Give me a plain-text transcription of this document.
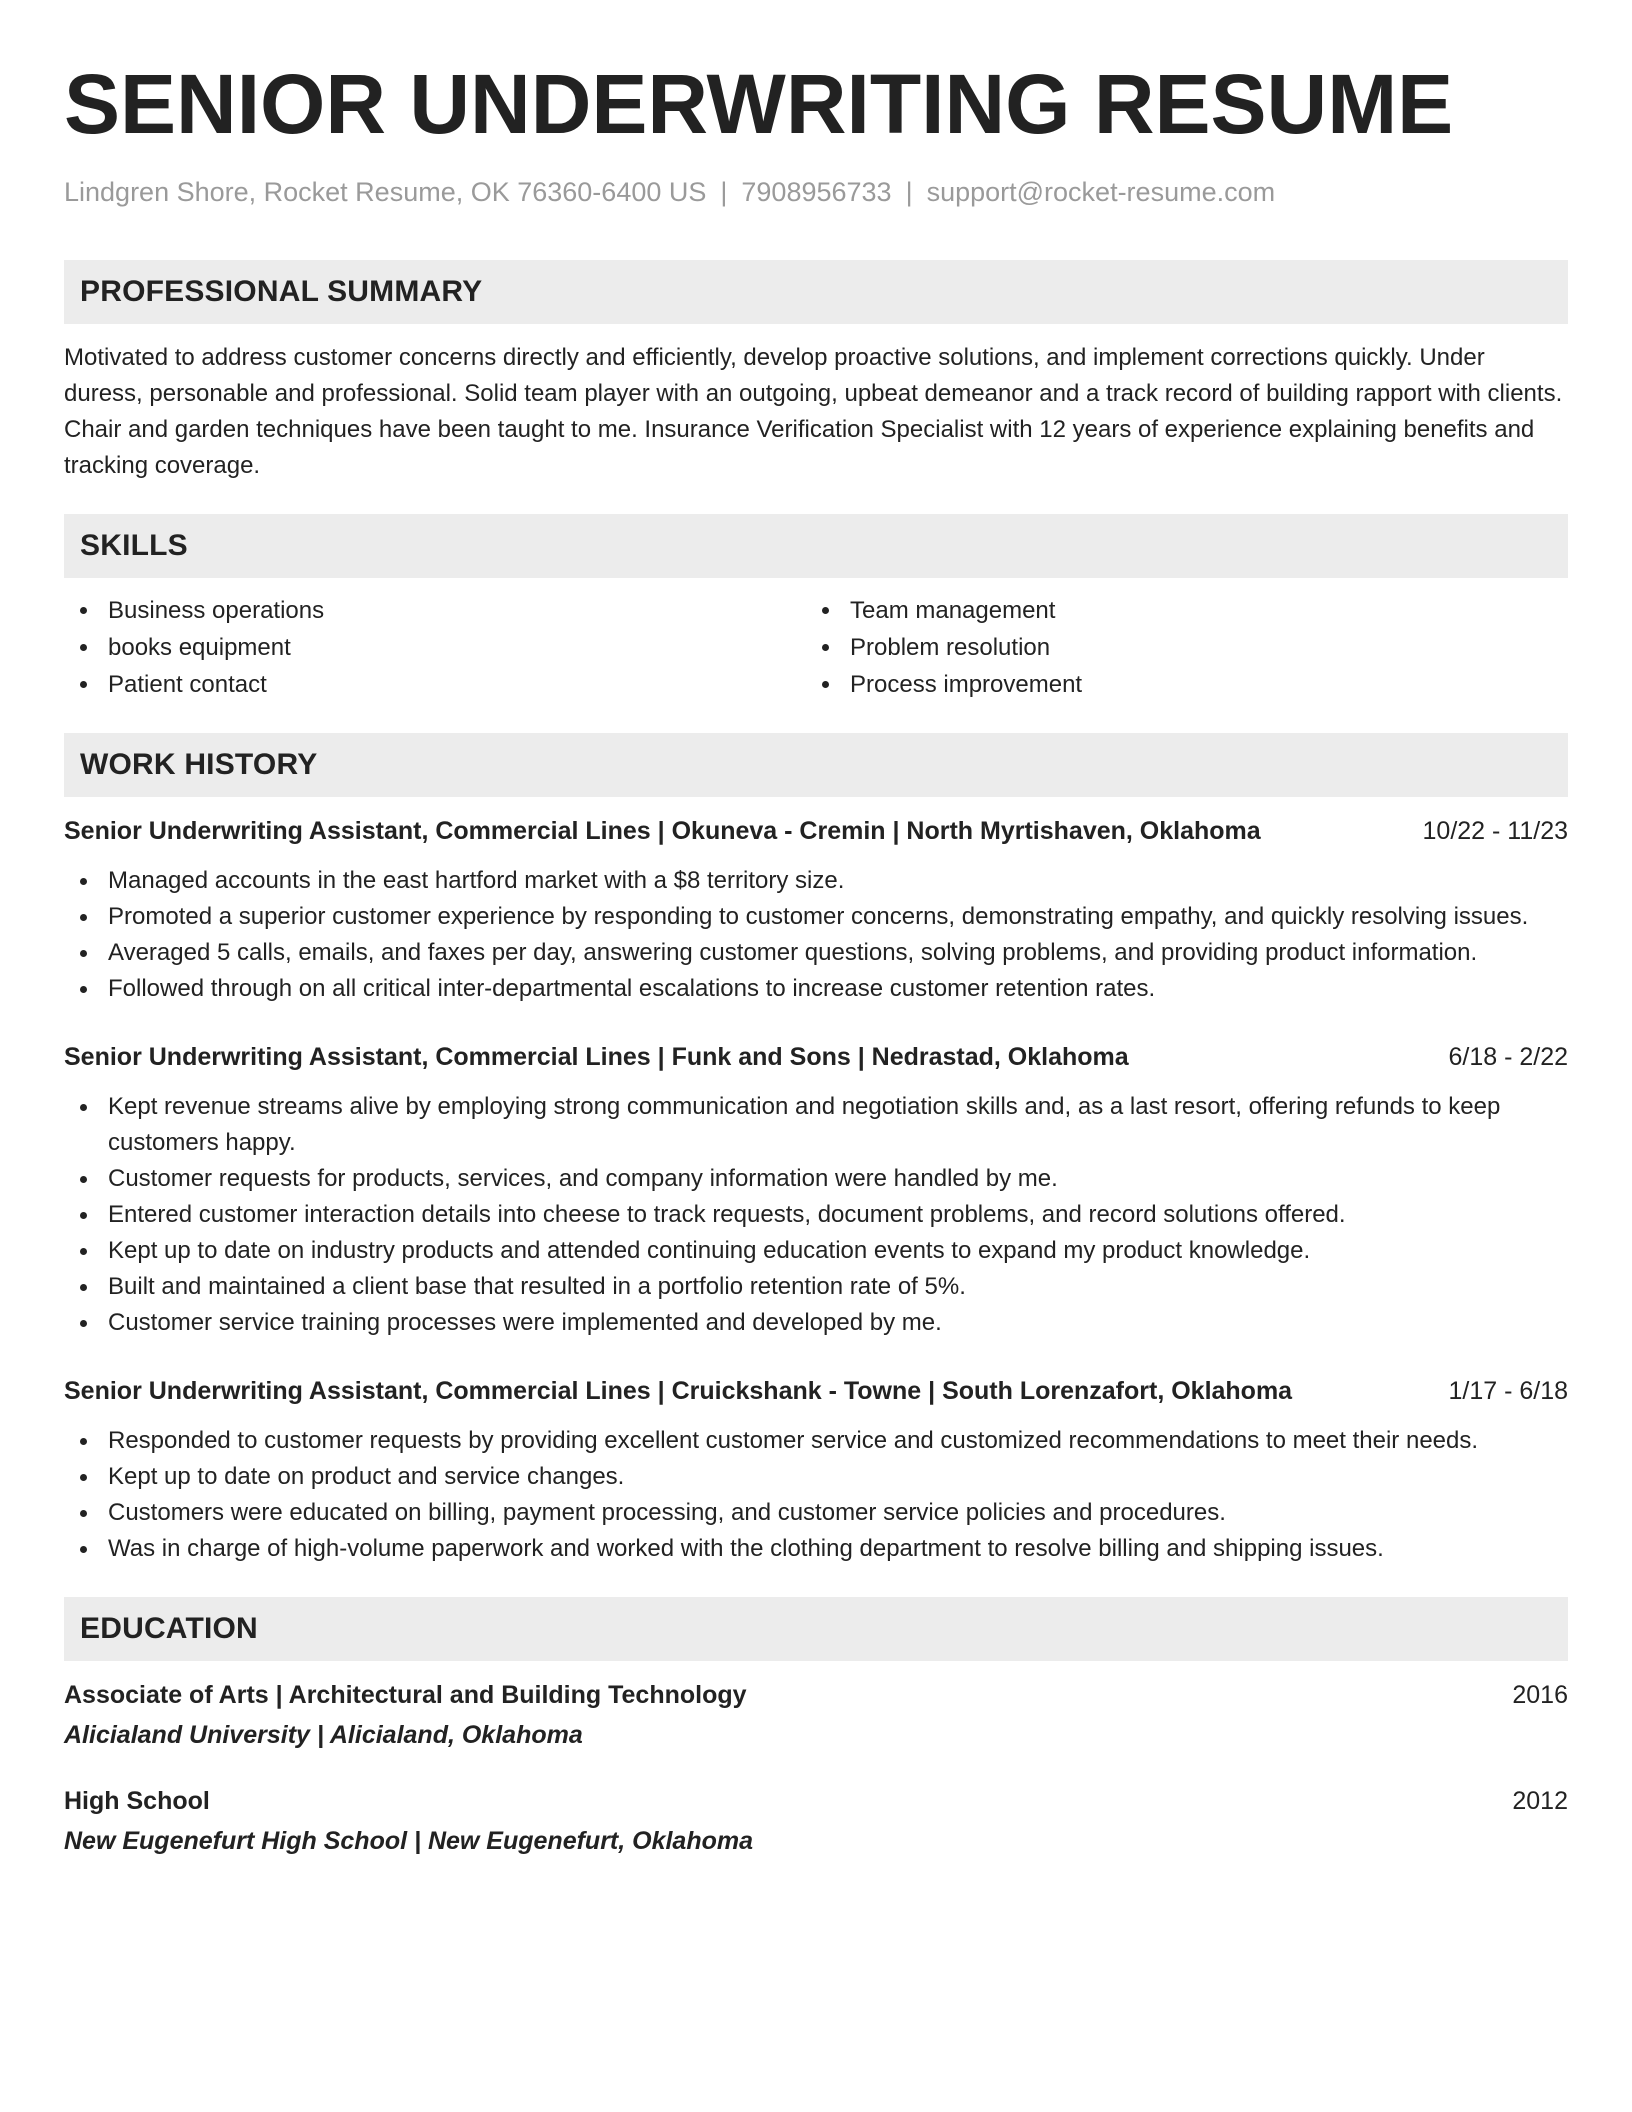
SENIOR UNDERWRITING RESUME
Lindgren Shore, Rocket Resume, OK 76360-6400 US | 7908956733 | support@rocket-resume.com
PROFESSIONAL SUMMARY
Motivated to address customer concerns directly and efficiently, develop proactive solutions, and implement corrections quickly. Under duress, personable and professional. Solid team player with an outgoing, upbeat demeanor and a track record of building rapport with clients. Chair and garden techniques have been taught to me. Insurance Verification Specialist with 12 years of experience explaining benefits and tracking coverage.
SKILLS
Business operations
books equipment
Patient contact
Team management
Problem resolution
Process improvement
WORK HISTORY
Senior Underwriting Assistant, Commercial Lines | Okuneva - Cremin | North Myrtishaven, Oklahoma	10/22 - 11/23
Managed accounts in the east hartford market with a $8 territory size.
Promoted a superior customer experience by responding to customer concerns, demonstrating empathy, and quickly resolving issues.
Averaged 5 calls, emails, and faxes per day, answering customer questions, solving problems, and providing product information.
Followed through on all critical inter-departmental escalations to increase customer retention rates.
Senior Underwriting Assistant, Commercial Lines | Funk and Sons | Nedrastad, Oklahoma	6/18 - 2/22
Kept revenue streams alive by employing strong communication and negotiation skills and, as a last resort, offering refunds to keep customers happy.
Customer requests for products, services, and company information were handled by me.
Entered customer interaction details into cheese to track requests, document problems, and record solutions offered.
Kept up to date on industry products and attended continuing education events to expand my product knowledge.
Built and maintained a client base that resulted in a portfolio retention rate of 5%.
Customer service training processes were implemented and developed by me.
Senior Underwriting Assistant, Commercial Lines | Cruickshank - Towne | South Lorenzafort, Oklahoma	1/17 - 6/18
Responded to customer requests by providing excellent customer service and customized recommendations to meet their needs.
Kept up to date on product and service changes.
Customers were educated on billing, payment processing, and customer service policies and procedures.
Was in charge of high-volume paperwork and worked with the clothing department to resolve billing and shipping issues.
EDUCATION
Associate of Arts | Architectural and Building Technology	2016
Alicialand University | Alicialand, Oklahoma
High School	2012
New Eugenefurt High School | New Eugenefurt, Oklahoma
